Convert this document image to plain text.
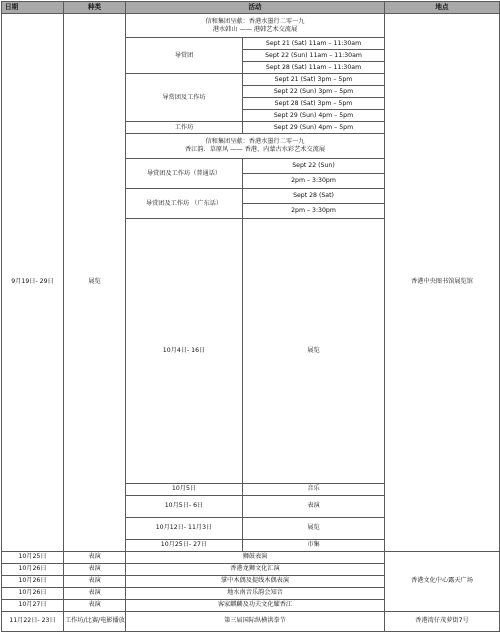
日期	种类	活动		地点	
9月19日- 29日	展览	信和集团呈献：香港水墨行二零一九
港水韩山 —— 港韩艺术交流展		香港中央图书馆展览馆	
		导赏团	Sept 21 (Sat) 11am – 11:30am		
			Sept 22 (Sun) 11am – 11:30am		
			Sept 28 (Sat) 11am – 11:30am		
		导赏团及工作坊	Sept 21 (Sat) 3pm – 5pm		
			Sept 22 (Sun) 3pm – 5pm		
			Sept 28 (Sat) 3pm – 5pm		
			Sept 29 (Sun) 4pm – 5pm		
		工作坊	Sept 29 (Sun) 4pm – 5pm		

		信和集团呈献：香港水墨行二零一九
香江韵．草原风 —— 香港、内蒙古水彩艺术交流展			

		导赏团及工作坊（普通话）	Sept 22 (Sun)		
			2pm – 3:30pm		
		导赏团及工作坊 （广东话）	Sept 28 (Sat)		
			2pm – 3:30pm		
		10月4日- 16日	展览		
		10月5日	音乐		
		10月5日- 6日	表演	

		10月12日- 11月3日	展览		
		10月25日- 27日	市集		
10月25日	表演	狮鼓表演	香港文化中心露天广场
10月26日	表演	香港龙狮文化汇演	
10月26日	表演	掌中木偶及提线木偶表演	
10月26日	表演	地水南音乐韵会知音	
10月27日	表演	客家麒麟及功夫文化耀香江	
11月22日- 23日	工作坊/比赛/电影播放	第三届国际纵横洪拳节	香港湾仔茂萝街7号
